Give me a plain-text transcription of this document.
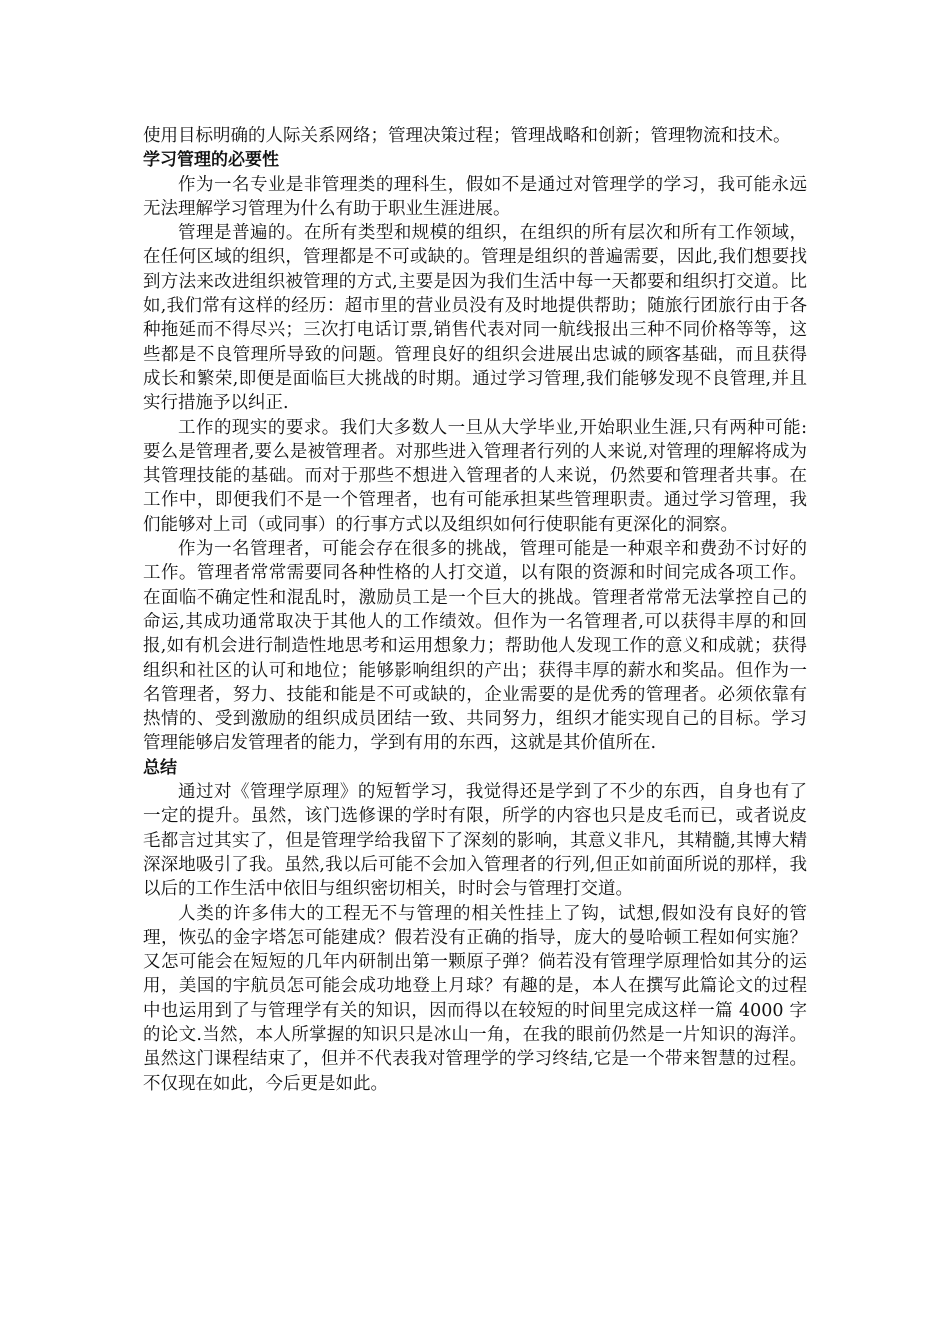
使用目标明确的人际关系网络；管理决策过程；管理战略和创新；管理物流和技术。

学习管理的必要性

作为一名专业是非管理类的理科生，假如不是通过对管理学的学习，我可能永远无法理解学习管理为什么有助于职业生涯进展。

管理是普遍的。在所有类型和规模的组织，在组织的所有层次和所有工作领域，在任何区域的组织，管理都是不可或缺的。管理是组织的普遍需要，因此,我们想要找到方法来改进组织被管理的方式,主要是因为我们生活中每一天都要和组织打交道。比如,我们常有这样的经历：超市里的营业员没有及时地提供帮助；随旅行团旅行由于各种拖延而不得尽兴；三次打电话订票,销售代表对同一航线报出三种不同价格等等，这些都是不良管理所导致的问题。管理良好的组织会进展出忠诚的顾客基础，而且获得成长和繁荣,即便是面临巨大挑战的时期。通过学习管理,我们能够发现不良管理,并且实行措施予以纠正.

工作的现实的要求。我们大多数人一旦从大学毕业,开始职业生涯,只有两种可能:要么是管理者,要么是被管理者。对那些进入管理者行列的人来说,对管理的理解将成为其管理技能的基础。而对于那些不想进入管理者的人来说，仍然要和管理者共事。在工作中，即便我们不是一个管理者，也有可能承担某些管理职责。通过学习管理，我们能够对上司（或同事）的行事方式以及组织如何行使职能有更深化的洞察。

作为一名管理者，可能会存在很多的挑战，管理可能是一种艰辛和费劲不讨好的工作。管理者常常需要同各种性格的人打交道，以有限的资源和时间完成各项工作。在面临不确定性和混乱时，激励员工是一个巨大的挑战。管理者常常无法掌控自己的命运,其成功通常取决于其他人的工作绩效。但作为一名管理者,可以获得丰厚的和回报,如有机会进行制造性地思考和运用想象力；帮助他人发现工作的意义和成就；获得组织和社区的认可和地位；能够影响组织的产出；获得丰厚的薪水和奖品。但作为一名管理者，努力、技能和能是不可或缺的，企业需要的是优秀的管理者。必须依靠有热情的、受到激励的组织成员团结一致、共同努力，组织才能实现自己的目标。学习管理能够启发管理者的能力，学到有用的东西，这就是其价值所在.

总结

通过对《管理学原理》的短暂学习，我觉得还是学到了不少的东西，自身也有了一定的提升。虽然，该门选修课的学时有限，所学的内容也只是皮毛而已，或者说皮毛都言过其实了，但是管理学给我留下了深刻的影响，其意义非凡，其精髓,其博大精深深地吸引了我。虽然,我以后可能不会加入管理者的行列,但正如前面所说的那样，我以后的工作生活中依旧与组织密切相关，时时会与管理打交道。

人类的许多伟大的工程无不与管理的相关性挂上了钩，试想,假如没有良好的管理，恢弘的金字塔怎可能建成？假若没有正确的指导，庞大的曼哈顿工程如何实施？又怎可能会在短短的几年内研制出第一颗原子弹？倘若没有管理学原理恰如其分的运用，美国的宇航员怎可能会成功地登上月球？有趣的是，本人在撰写此篇论文的过程中也运用到了与管理学有关的知识，因而得以在较短的时间里完成这样一篇 4000 字的论文.当然，本人所掌握的知识只是冰山一角，在我的眼前仍然是一片知识的海洋。虽然这门课程结束了，但并不代表我对管理学的学习终结,它是一个带来智慧的过程。不仅现在如此，今后更是如此。
